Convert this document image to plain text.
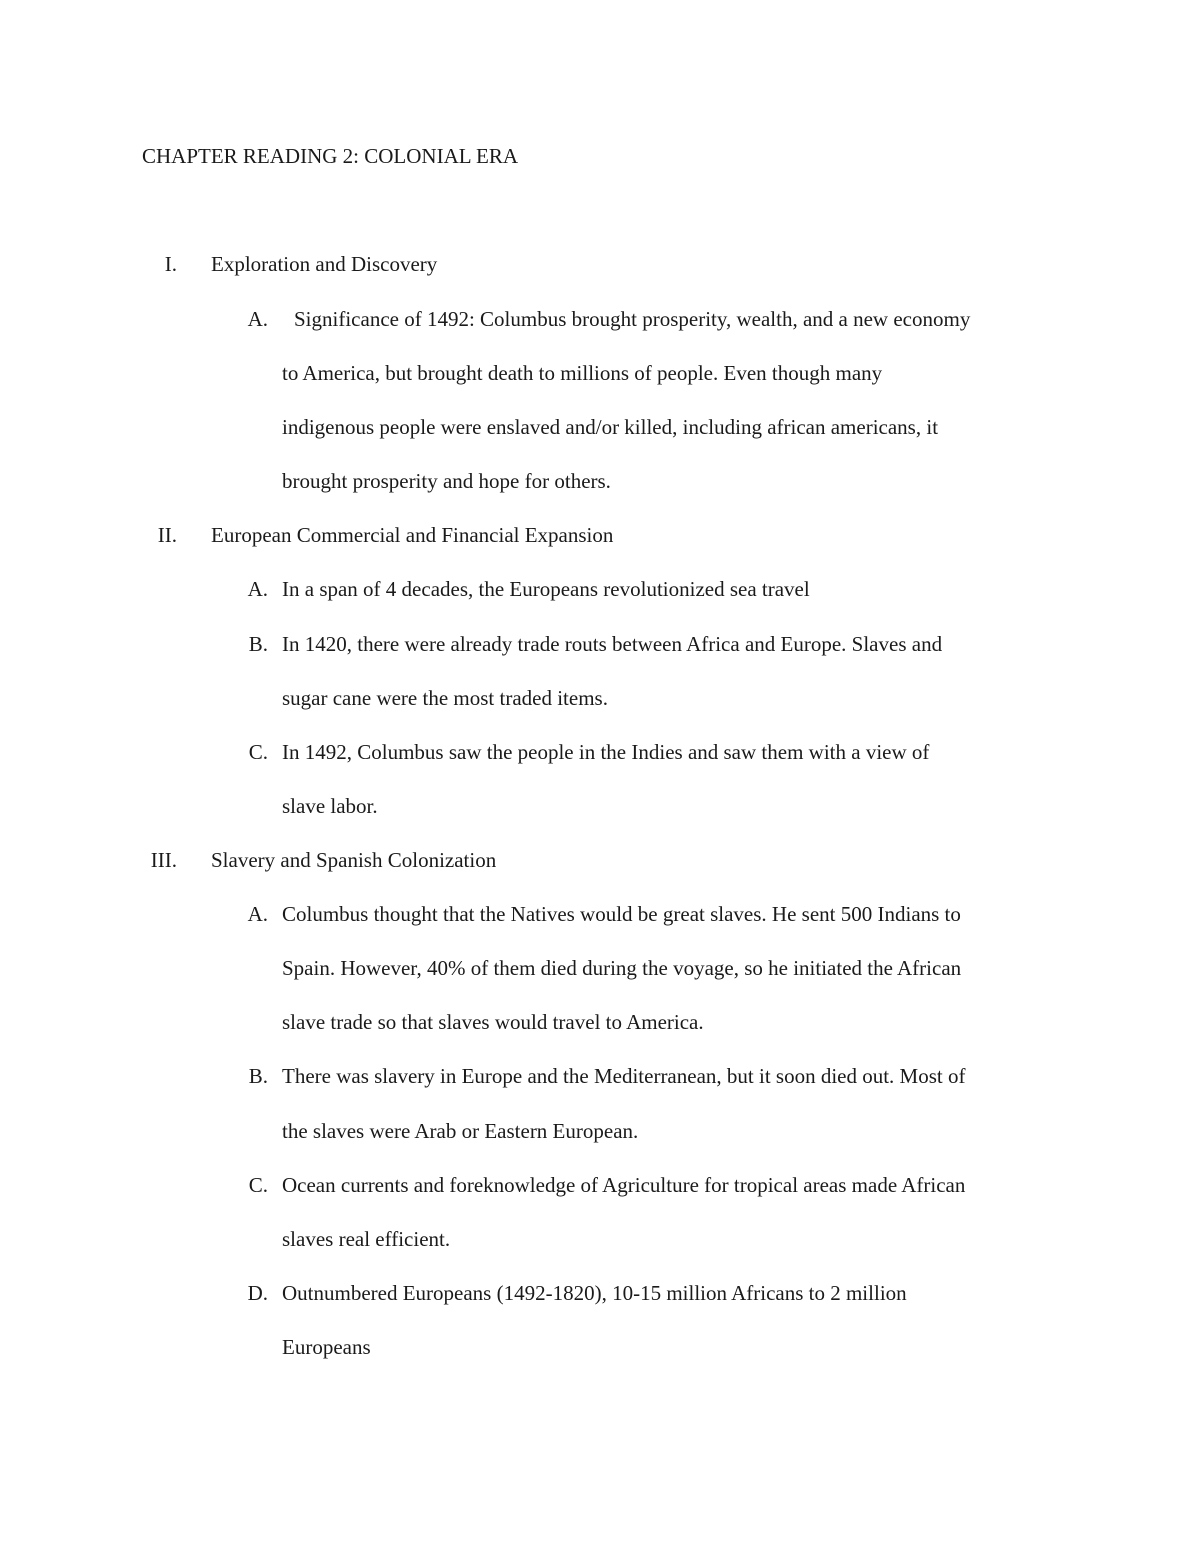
CHAPTER READING 2: COLONIAL ERA
I. Exploration and Discovery
A. Significance of 1492: Columbus brought prosperity, wealth, and a new economy
to America, but brought death to millions of people. Even though many
indigenous people were enslaved and/or killed, including african americans, it
brought prosperity and hope for others.
II. European Commercial and Financial Expansion
A. In a span of 4 decades, the Europeans revolutionized sea travel
B. In 1420, there were already trade routs between Africa and Europe. Slaves and
sugar cane were the most traded items.
C. In 1492, Columbus saw the people in the Indies and saw them with a view of
slave labor.
III. Slavery and Spanish Colonization
A. Columbus thought that the Natives would be great slaves. He sent 500 Indians to
Spain. However, 40% of them died during the voyage, so he initiated the African
slave trade so that slaves would travel to America.
B. There was slavery in Europe and the Mediterranean, but it soon died out. Most of
the slaves were Arab or Eastern European.
C. Ocean currents and foreknowledge of Agriculture for tropical areas made African
slaves real efficient.
D. Outnumbered Europeans (1492-1820), 10-15 million Africans to 2 million
Europeans
